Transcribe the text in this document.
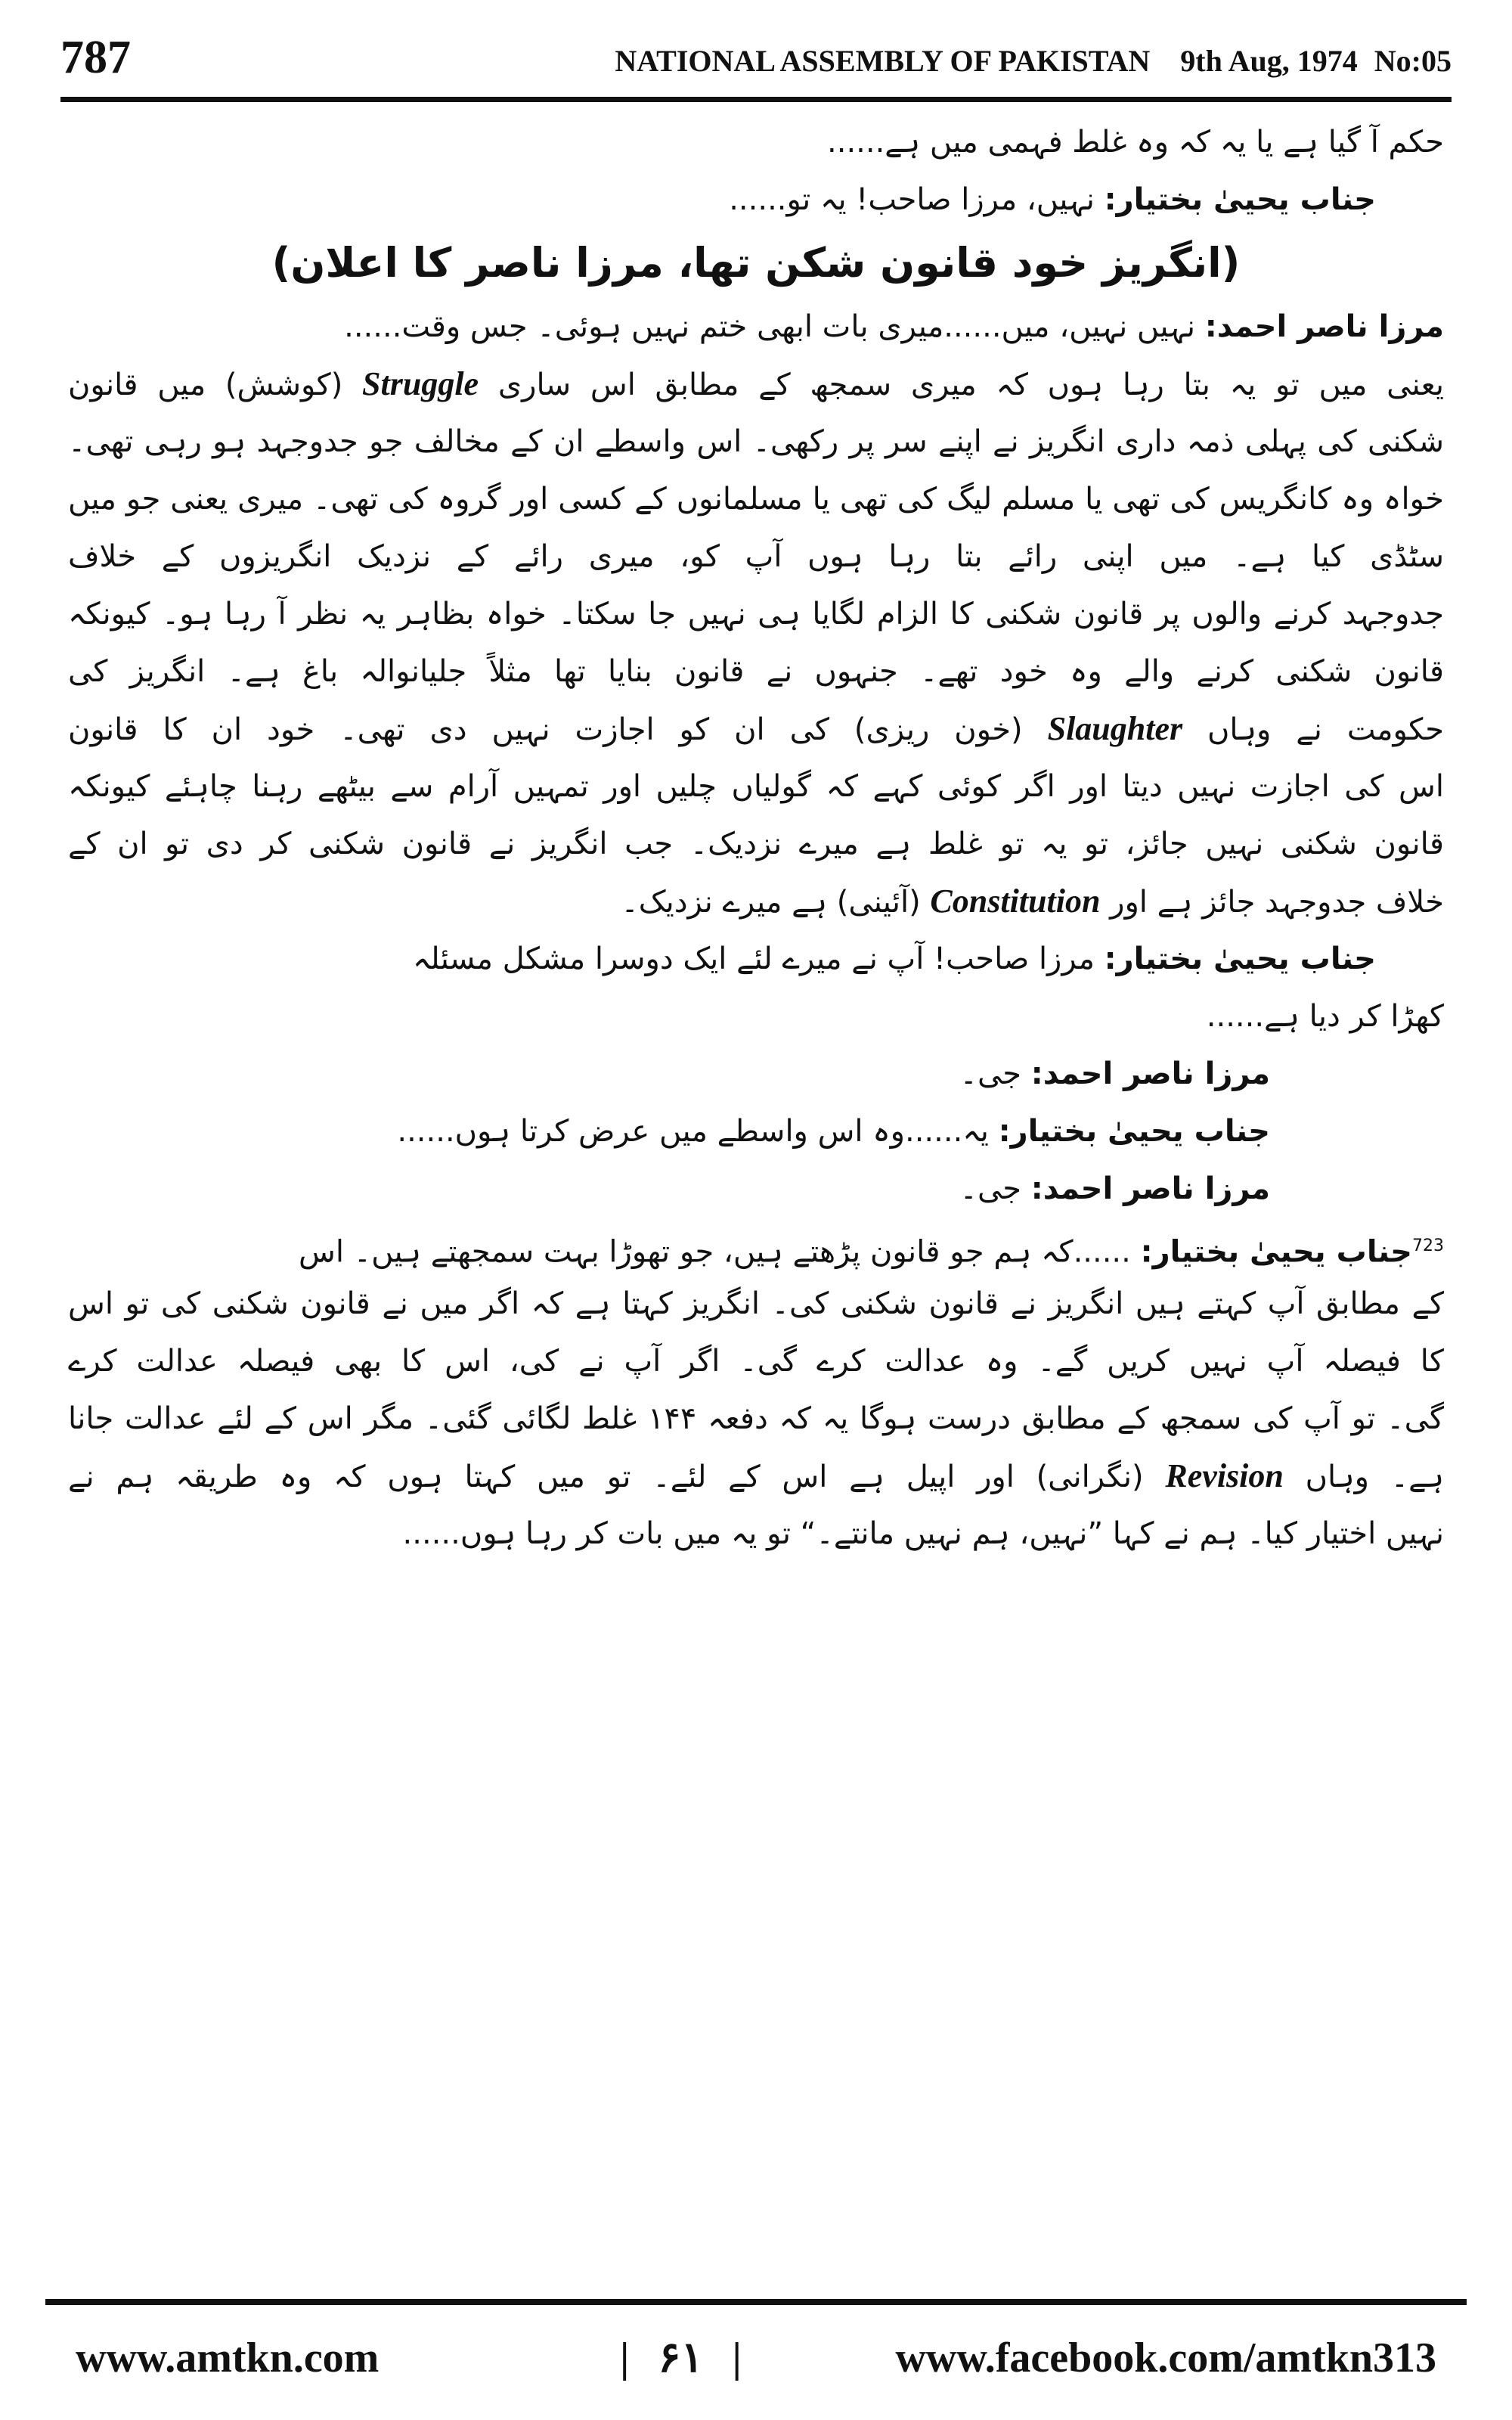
787	NATIONAL ASSEMBLY OF PAKISTAN 9th Aug, 1974 No:05
حکم آ گیا ہے یا یہ کہ وہ غلط فہمی میں ہے......
جناب یحییٰ بختیار: نہیں، مرزا صاحب! یہ تو......
(انگریز خود قانون شکن تھا، مرزا ناصر کا اعلان)
مرزا ناصر احمد: نہیں نہیں، میں......میری بات ابھی ختم نہیں ہوئی۔ جس وقت......
یعنی میں تو یہ بتا رہا ہوں کہ میری سمجھ کے مطابق اس ساری Struggle (کوشش) میں قانون
شکنی کی پہلی ذمہ داری انگریز نے اپنے سر پر رکھی۔ اس واسطے ان کے مخالف جو جدوجہد ہو رہی تھی۔
خواہ وہ کانگریس کی تھی یا مسلم لیگ کی تھی یا مسلمانوں کے کسی اور گروہ کی تھی۔ میری یعنی جو میں
سٹڈی کیا ہے۔ میں اپنی رائے بتا رہا ہوں آپ کو، میری رائے کے نزدیک انگریزوں کے خلاف
جدوجہد کرنے والوں پر قانون شکنی کا الزام لگایا ہی نہیں جا سکتا۔ خواہ بظاہر یہ نظر آ رہا ہو۔ کیونکہ
قانون شکنی کرنے والے وہ خود تھے۔ جنہوں نے قانون بنایا تھا مثلاً جلیانوالہ باغ ہے۔ انگریز کی
حکومت نے وہاں Slaughter (خون ریزی) کی ان کو اجازت نہیں دی تھی۔ خود ان کا قانون
اس کی اجازت نہیں دیتا اور اگر کوئی کہے کہ گولیاں چلیں اور تمہیں آرام سے بیٹھے رہنا چاہئے کیونکہ
قانون شکنی نہیں جائز، تو یہ تو غلط ہے میرے نزدیک۔ جب انگریز نے قانون شکنی کر دی تو ان کے
خلاف جدوجہد جائز ہے اور Constitution (آئینی) ہے میرے نزدیک۔
جناب یحییٰ بختیار: مرزا صاحب! آپ نے میرے لئے ایک دوسرا مشکل مسئلہ
کھڑا کر دیا ہے......
مرزا ناصر احمد: جی۔
جناب یحییٰ بختیار: یہ......وہ اس واسطے میں عرض کرتا ہوں......
مرزا ناصر احمد: جی۔
$^{723}$جناب یحییٰ بختیار: ......کہ ہم جو قانون پڑھتے ہیں، جو تھوڑا بہت سمجھتے ہیں۔ اس
کے مطابق آپ کہتے ہیں انگریز نے قانون شکنی کی۔ انگریز کہتا ہے کہ اگر میں نے قانون شکنی کی تو اس
کا فیصلہ آپ نہیں کریں گے۔ وہ عدالت کرے گی۔ اگر آپ نے کی، اس کا بھی فیصلہ عدالت کرے
گی۔ تو آپ کی سمجھ کے مطابق درست ہوگا یہ کہ دفعہ ۱۴۴ غلط لگائی گئی۔ مگر اس کے لئے عدالت جانا
ہے۔ وہاں Revision (نگرانی) اور اپیل ہے اس کے لئے۔ تو میں کہتا ہوں کہ وہ طریقہ ہم نے
نہیں اختیار کیا۔ ہم نے کہا ”نہیں، ہم نہیں مانتے۔“ تو یہ میں بات کر رہا ہوں......
www.amtkn.com	| ۶۱ |	www.facebook.com/amtkn313
